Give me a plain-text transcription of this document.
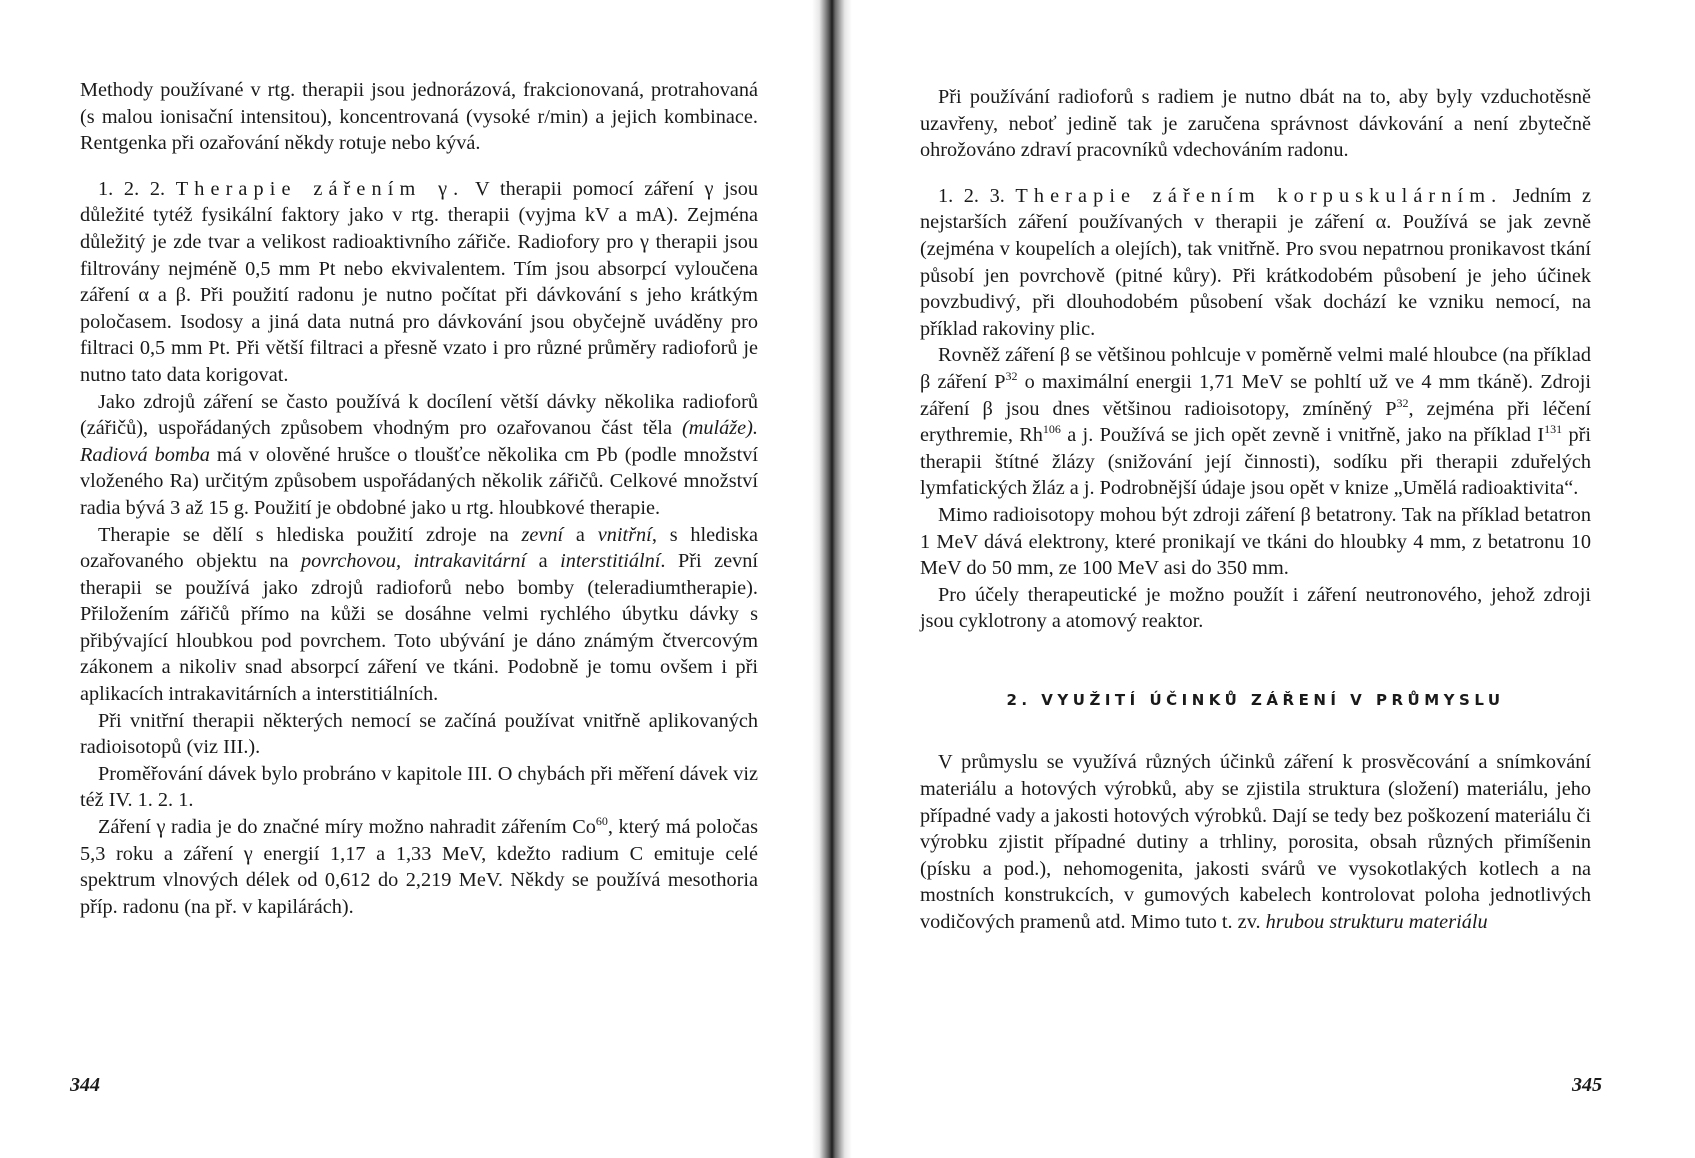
Methody používané v rtg. therapii jsou jednorázová, frakcionovaná, protrahovaná (s malou ionisační intensitou), koncentrovaná (vysoké r/min) a jejich kombinace. Rentgenka při ozařování někdy rotuje nebo kývá.

1. 2. 2. Therapie zářením γ. V therapii pomocí záření γ jsou důležité tytéž fysikální faktory jako v rtg. therapii (vyjma kV a mA). Zejména důležitý je zde tvar a velikost radioaktivního zářiče. Radiofory pro γ therapii jsou filtrovány nejméně 0,5 mm Pt nebo ekvivalentem. Tím jsou absorpcí vyloučena záření α a β. Při použití radonu je nutno počítat při dávkování s jeho krátkým poločasem. Isodosy a jiná data nutná pro dávkování jsou obyčejně uváděny pro filtraci 0,5 mm Pt. Při větší filtraci a přesně vzato i pro různé průměry radioforů je nutno tato data korigovat.

Jako zdrojů záření se často používá k docílení větší dávky několika radioforů (zářičů), uspořádaných způsobem vhodným pro ozařovanou část těla (muláže). Radiová bomba má v olověné hrušce o tloušťce několika cm Pb (podle množství vloženého Ra) určitým způsobem uspořádaných několik zářičů. Celkové množství radia bývá 3 až 15 g. Použití je obdobné jako u rtg. hloubkové therapie.

Therapie se dělí s hlediska použití zdroje na zevní a vnitřní, s hlediska ozařovaného objektu na povrchovou, intrakavitární a interstitiální. Při zevní therapii se používá jako zdrojů radioforů nebo bomby (teleradiumtherapie). Přiložením zářičů přímo na kůži se dosáhne velmi rychlého úbytku dávky s přibývající hloubkou pod povrchem. Toto ubývání je dáno známým čtvercovým zákonem a nikoliv snad absorpcí záření ve tkáni. Podobně je tomu ovšem i při aplikacích intrakavitárních a interstitiálních.

Při vnitřní therapii některých nemocí se začíná používat vnitřně aplikovaných radioisotopů (viz III.).

Proměřování dávek bylo probráno v kapitole III. O chybách při měření dávek viz též IV. 1. 2. 1.

Záření γ radia je do značné míry možno nahradit zářením Co$^{60}$, který má poločas 5,3 roku a záření γ energií 1,17 a 1,33 MeV, kdežto radium C emituje celé spektrum vlnových délek od 0,612 do 2,219 MeV. Někdy se používá mesothoria příp. radonu (na př. v kapilárách).

344

Při používání radioforů s radiem je nutno dbát na to, aby byly vzduchotěsně uzavřeny, neboť jedině tak je zaručena správnost dávkování a není zbytečně ohrožováno zdraví pracovníků vdechováním radonu.

1. 2. 3. Therapie zářením korpuskulárním. Jedním z nejstarších záření používaných v therapii je záření α. Používá se jak zevně (zejména v koupelích a olejích), tak vnitřně. Pro svou nepatrnou pronikavost tkání působí jen povrchově (pitné kůry). Při krátkodobém působení je jeho účinek povzbudivý, při dlouhodobém působení však dochází ke vzniku nemocí, na příklad rakoviny plic.

Rovněž záření β se většinou pohlcuje v poměrně velmi malé hloubce (na příklad β záření $P^{32}$ o maximální energii 1,71 MeV se pohltí už ve 4 mm tkáně). Zdroji záření β jsou dnes většinou radioisotopy, zmíněný $P^{32}$, zejména při léčení erythremie, Rh$^{106}$ a j. Používá se jich opět zevně i vnitřně, jako na příklad $I^{131}$ při therapii štítné žlázy (snižování její činnosti), sodíku při therapii zduřelých lymfatických žláz a j. Podrobnější údaje jsou opět v knize „Umělá radioaktivita“.

Mimo radioisotopy mohou být zdroji záření β betatrony. Tak na příklad betatron 1 MeV dává elektrony, které pronikají ve tkáni do hloubky 4 mm, z betatronu 10 MeV do 50 mm, ze 100 MeV asi do 350 mm.

Pro účely therapeutické je možno použít i záření neutronového, jehož zdroji jsou cyklotrony a atomový reaktor.

2. VYUŽITÍ ÚČINKŮ ZÁŘENÍ V PRŮMYSLU

V průmyslu se využívá různých účinků záření k prosvěcování a snímkování materiálu a hotových výrobků, aby se zjistila struktura (složení) materiálu, jeho případné vady a jakosti hotových výrobků. Dají se tedy bez poškození materiálu či výrobku zjistit případné dutiny a trhliny, porosita, obsah různých přimíšenin (písku a pod.), nehomogenita, jakosti svárů ve vysokotlakých kotlech a na mostních konstrukcích, v gumových kabelech kontrolovat poloha jednotlivých vodičových pramenů atd. Mimo tuto t. zv. hrubou strukturu materiálu

345
